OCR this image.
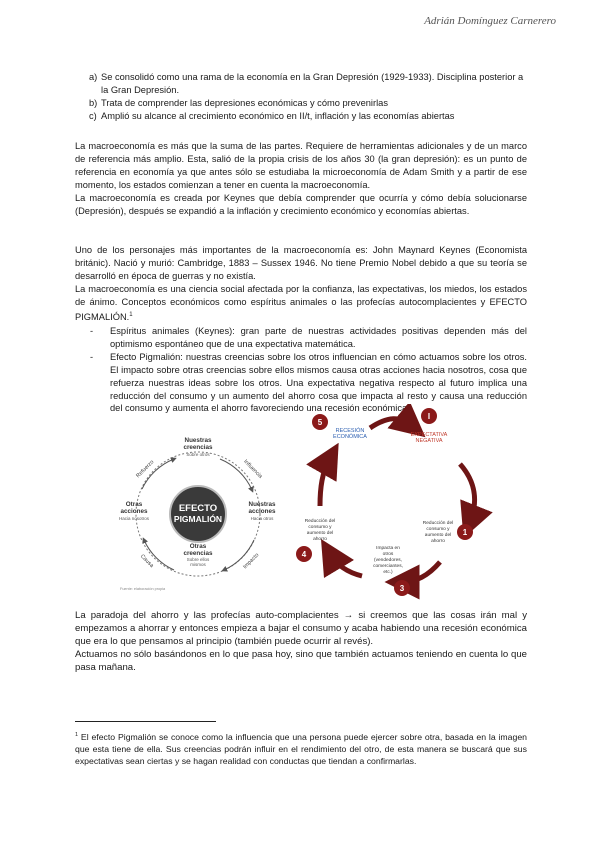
Adrián Domínguez Carnerero
a) Se consolidó como una rama de la economía en la Gran Depresión (1929-1933). Disciplina posterior a la Gran Depresión.
b) Trata de comprender las depresiones económicas y cómo prevenirlas
c) Amplió su alcance al crecimiento económico en II/t, inflación y las economías abiertas

La macroeconomía es más que la suma de las partes. Requiere de herramientas adicionales y de un marco de referencia más amplio. Esta, salió de la propia crisis de los años 30 (la gran depresión): es un punto de referencia en economía ya que antes sólo se estudiaba la microeconomía de Adam Smith y a partir de ese momento, los estados comienzan a tener en cuenta la macroeconomía.

La macroeconomía es creada por Keynes que debía comprender que ocurría y cómo debía solucionarse (Depresión), después se expandió a la inflación y crecimiento económico y economías abiertas.

Uno de los personajes más importantes de la macroeconomía es: John Maynard Keynes (Economista británic). Nació y murió: Cambridge, 1883 – Sussex 1946. No tiene Premio Nobel debido a que su teoría se desarrolló en época de guerras y no existía.

La macroeconomía es una ciencia social afectada por la confianza, las expectativas, los miedos, los estados de ánimo. Conceptos económicos como espíritus animales o las profecías autocomplacientes y EFECTO PIGMALIÓN.$^1$

- Espíritus animales (Keynes): gran parte de nuestras actividades positivas dependen más del optimismo espontáneo que de una expectativa matemática.
- Efecto Pigmalión: nuestras creencias sobre los otros influencian en cómo actuamos sobre los otros. El impacto sobre otras creencias sobre ellos mismos causa otras acciones hacia nosotros, cosa que refuerza nuestras ideas sobre los otros. Una expectativa negativa respecto al futuro implica una reducción del consumo y un aumento del ahorro cosa que impacta al resto y causa una reducción del consumo y aumenta el ahorro favoreciendo una recesión económica.
EFECTO
PIGMALIÓN
Nuestras
creencias
Sobre otros
Nuestras
acciones
Hacia otros
Otras
creencias
Sobre ellos
mismos
Otras
acciones
Hacia nosotros
Refuerzo	Influencia
Impacto
Causa
Fuente: elaboración propia
I
EXPECTATIVA
NEGATIVA
1
Reducción del
consumo y
aumento del
ahorro
3
Impacta en
otros
(vendedores,
comerciantes,
etc.)
4
Reducción del
consumo y
aumento del
ahorro
5
RECESIÓN
ECONÓMICA

La paradoja del ahorro y las profecías auto-complacientes → si creemos que las cosas irán mal y empezamos a ahorrar y entonces empieza a bajar el consumo y acaba habiendo una recesión económica que era lo que pensamos al principio (también puede ocurrir al revés).

Actuamos no sólo basándonos en lo que pasa hoy, sino que también actuamos teniendo en cuenta lo que pasa mañana.

$^1$ El efecto Pigmalión se conoce como la influencia que una persona puede ejercer sobre otra, basada en la imagen que esta tiene de ella. Sus creencias podrán influir en el rendimiento del otro, de esta manera se buscará que sus expectativas sean ciertas y se hagan realidad con conductas que tiendan a confirmarlas.
